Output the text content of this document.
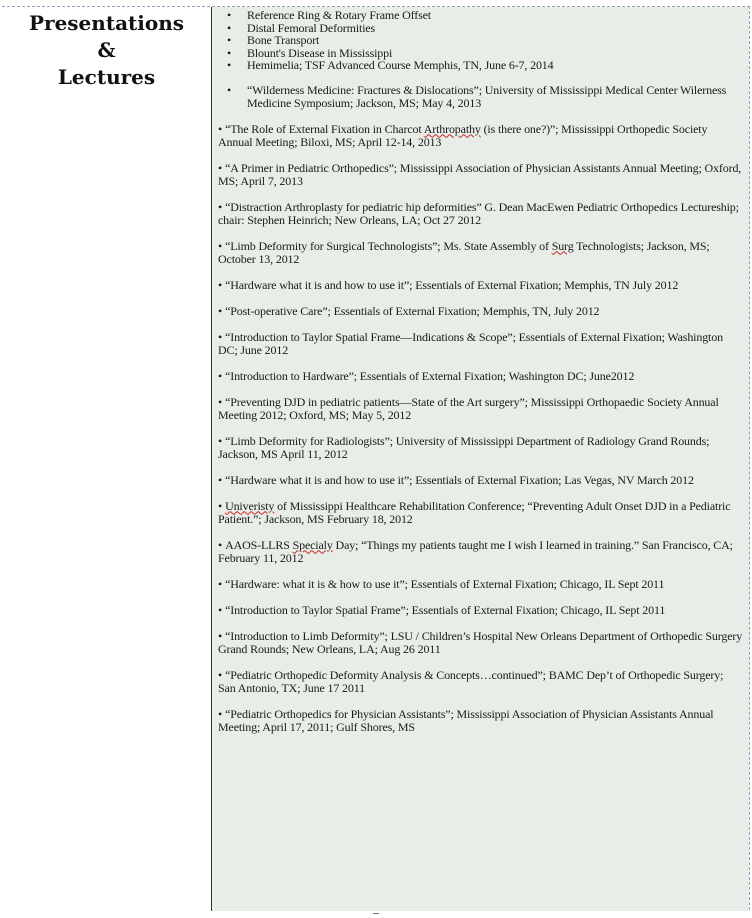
Presentations
&
Lectures
• Reference Ring & Rotary Frame Offset
• Distal Femoral Deformities
• Bone Transport
• Blount's Disease in Mississippi
• Hemimelia; TSF Advanced Course Memphis, TN, June 6-7, 2014
• “Wilderness Medicine: Fractures & Dislocations”; University of Mississippi Medical Center Wilerness Medicine Symposium; Jackson, MS; May 4, 2013
• “The Role of External Fixation in Charcot Arthropathy (is there one?)”; Mississippi Orthopedic Society Annual Meeting; Biloxi, MS; April 12-14, 2013
• “A Primer in Pediatric Orthopedics”; Mississippi Association of Physician Assistants Annual Meeting; Oxford, MS; April 7, 2013
• “Distraction Arthroplasty for pediatric hip deformities” G. Dean MacEwen Pediatric Orthopedics Lectureship; chair: Stephen Heinrich; New Orleans, LA; Oct 27 2012
• “Limb Deformity for Surgical Technologists”; Ms. State Assembly of Surg Technologists; Jackson, MS; October 13, 2012
• “Hardware what it is and how to use it”; Essentials of External Fixation; Memphis, TN July 2012
• “Post-operative Care”; Essentials of External Fixation; Memphis, TN, July 2012
• “Introduction to Taylor Spatial Frame—Indications & Scope”; Essentials of External Fixation; Washington DC; June 2012
• “Introduction to Hardware”; Essentials of External Fixation; Washington DC; June2012
• “Preventing DJD in pediatric patients—State of the Art surgery”; Mississippi Orthopaedic Society Annual Meeting 2012; Oxford, MS; May 5, 2012
• “Limb Deformity for Radiologists”; University of Mississippi Department of Radiology Grand Rounds; Jackson, MS April 11, 2012
• “Hardware what it is and how to use it”; Essentials of External Fixation; Las Vegas, NV March 2012
• Univeristy of Mississippi Healthcare Rehabilitation Conference; “Preventing Adult Onset DJD in a Pediatric Patient.”; Jackson, MS February 18, 2012
• AAOS-LLRS Specialy Day; “Things my patients taught me I wish I learned in training.” San Francisco, CA; February 11, 2012
• “Hardware: what it is & how to use it”; Essentials of External Fixation; Chicago, IL Sept 2011
• “Introduction to Taylor Spatial Frame”; Essentials of External Fixation; Chicago, IL Sept 2011
• “Introduction to Limb Deformity”; LSU / Children’s Hospital New Orleans Department of Orthopedic Surgery Grand Rounds; New Orleans, LA; Aug 26 2011
• “Pediatric Orthopedic Deformity Analysis & Concepts…continued”; BAMC Dep’t of Orthopedic Surgery; San Antonio, TX; June 17 2011
• “Pediatric Orthopedics for Physician Assistants”; Mississippi Association of Physician Assistants Annual Meeting; April 17, 2011; Gulf Shores, MS
